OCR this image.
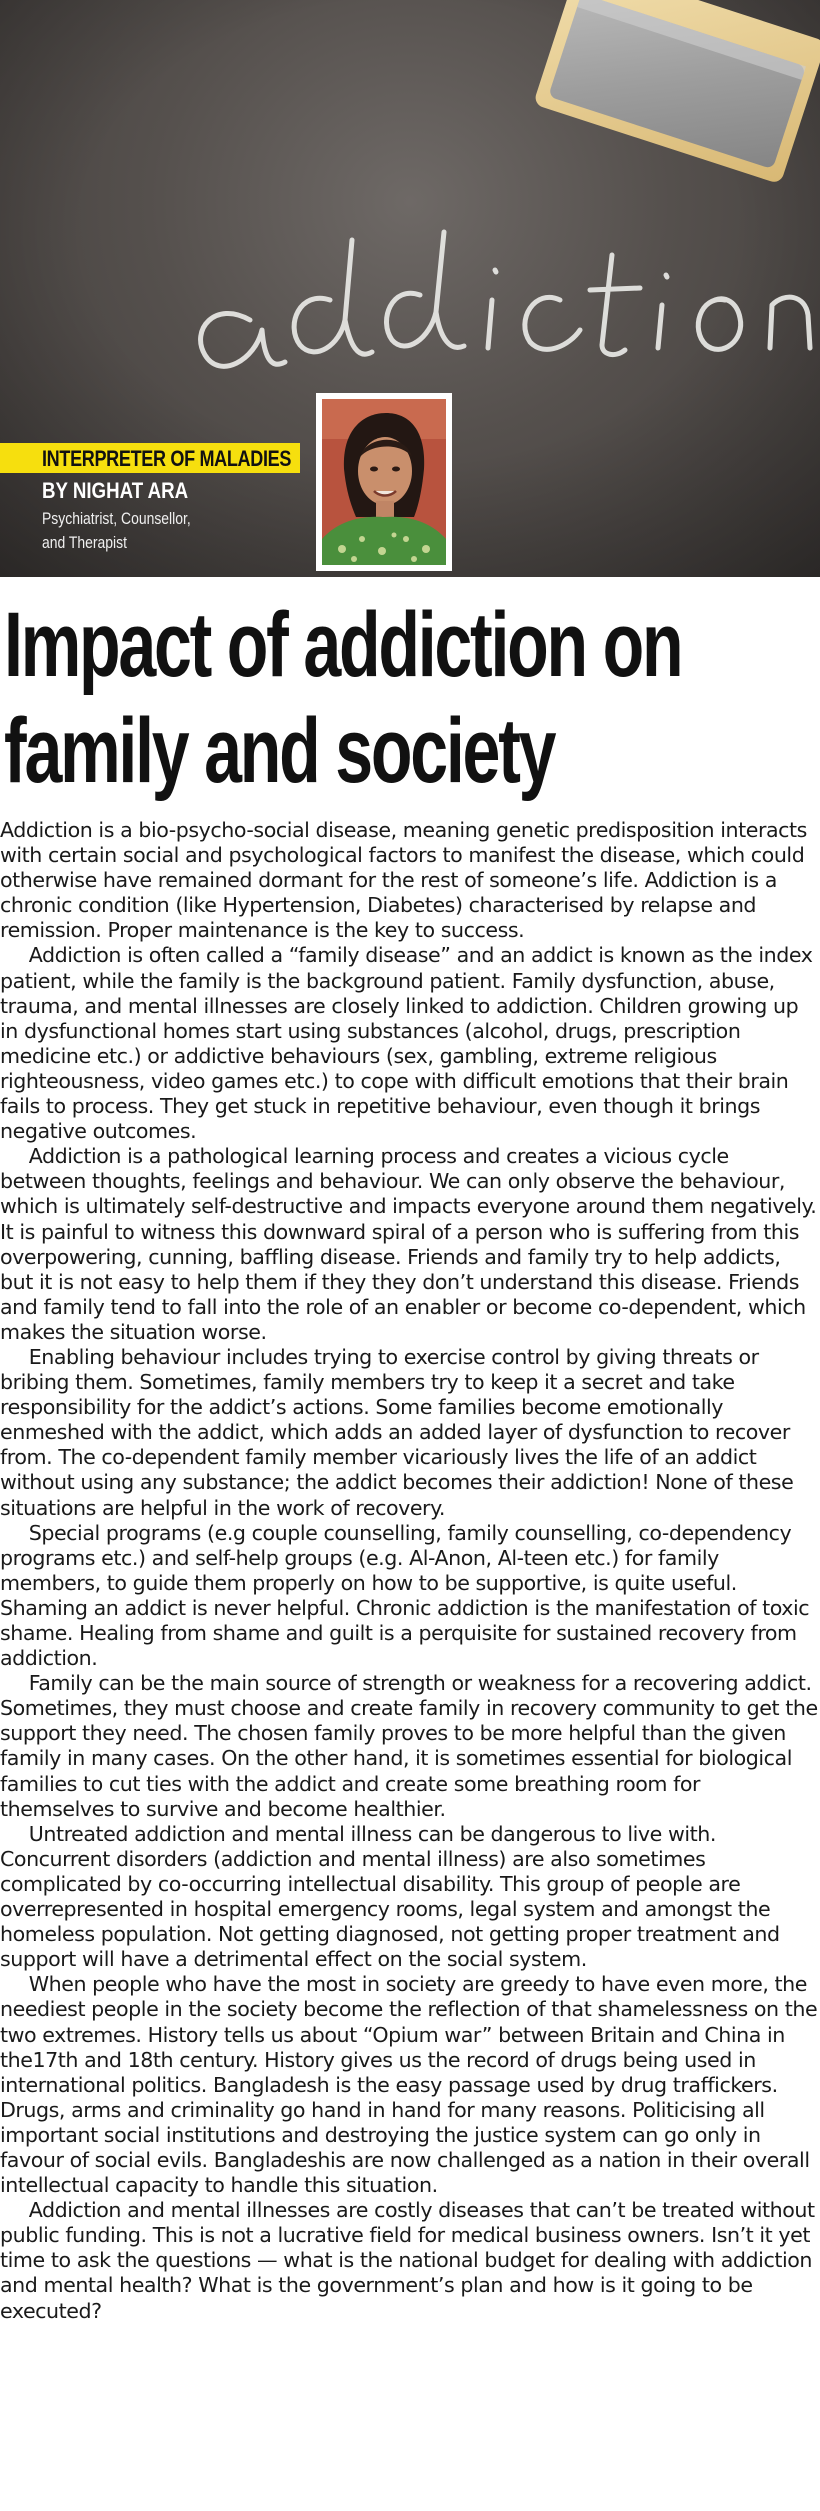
INTERPRETER OF MALADIES
BY NIGHAT ARA
Psychiatrist, Counsellor,
and Therapist
Impact of addiction on
family and society

Addiction is a bio-psycho-social disease, meaning genetic predisposition interacts with certain social and psychological factors to manifest the disease, which could otherwise have remained dormant for the rest of someone’s life. Addiction is a chronic condition (like Hypertension, Diabetes) characterised by relapse and remission. Proper maintenance is the key to success.

Addiction is often called a “family disease” and an addict is known as the index patient, while the family is the background patient. Family dysfunction, abuse, trauma, and mental illnesses are closely linked to addiction. Children growing up in dysfunctional homes start using substances (alcohol, drugs, prescription medicine etc.) or addictive behaviours (sex, gambling, extreme religious righteousness, video games etc.) to cope with difficult emotions that their brain fails to process. They get stuck in repetitive behaviour, even though it brings negative outcomes.

Addiction is a pathological learning process and creates a vicious cycle between thoughts, feelings and behaviour. We can only observe the behaviour, which is ultimately self-destructive and impacts everyone around them negatively. It is painful to witness this downward spiral of a person who is suffering from this overpowering, cunning, baffling disease. Friends and family try to help addicts, but it is not easy to help them if they they don’t understand this disease. Friends and family tend to fall into the role of an enabler or become co-dependent, which makes the situation worse.

Enabling behaviour includes trying to exercise control by giving threats or bribing them. Sometimes, family members try to keep it a secret and take responsibility for the addict’s actions. Some families become emotionally enmeshed with the addict, which adds an added layer of dysfunction to recover from. The co-dependent family member vicariously lives the life of an addict without using any substance; the addict becomes their addiction! None of these situations are helpful in the work of recovery.

Special programs (e.g couple counselling, family counselling, co-dependency programs etc.) and self-help groups (e.g. Al-Anon, Al-teen etc.) for family members, to guide them properly on how to be supportive, is quite useful. Shaming an addict is never helpful. Chronic addiction is the manifestation of toxic shame. Healing from shame and guilt is a perquisite for sustained recovery from addiction.

Family can be the main source of strength or weakness for a recovering addict. Sometimes, they must choose and create family in recovery community to get the support they need. The chosen family proves to be more helpful than the given family in many cases. On the other hand, it is sometimes essential for biological families to cut ties with the addict and create some breathing room for themselves to survive and become healthier.

Untreated addiction and mental illness can be dangerous to live with. Concurrent disorders (addiction and mental illness) are also sometimes complicated by co-occurring intellectual disability. This group of people are overrepresented in hospital emergency rooms, legal system and amongst the homeless population. Not getting diagnosed, not getting proper treatment and support will have a detrimental effect on the social system.

When people who have the most in society are greedy to have even more, the neediest people in the society become the reflection of that shamelessness on the two extremes. History tells us about “Opium war” between Britain and China in the17th and 18th century. History gives us the record of drugs being used in international politics. Bangladesh is the easy passage used by drug traffickers. Drugs, arms and criminality go hand in hand for many reasons. Politicising all important social institutions and destroying the justice system can go only in favour of social evils. Bangladeshis are now challenged as a nation in their overall intellectual capacity to handle this situation.

Addiction and mental illnesses are costly diseases that can’t be treated without public funding. This is not a lucrative field for medical business owners. Isn’t it yet time to ask the questions — what is the national budget for dealing with addiction and mental health? What is the government’s plan and how is it going to be executed?
